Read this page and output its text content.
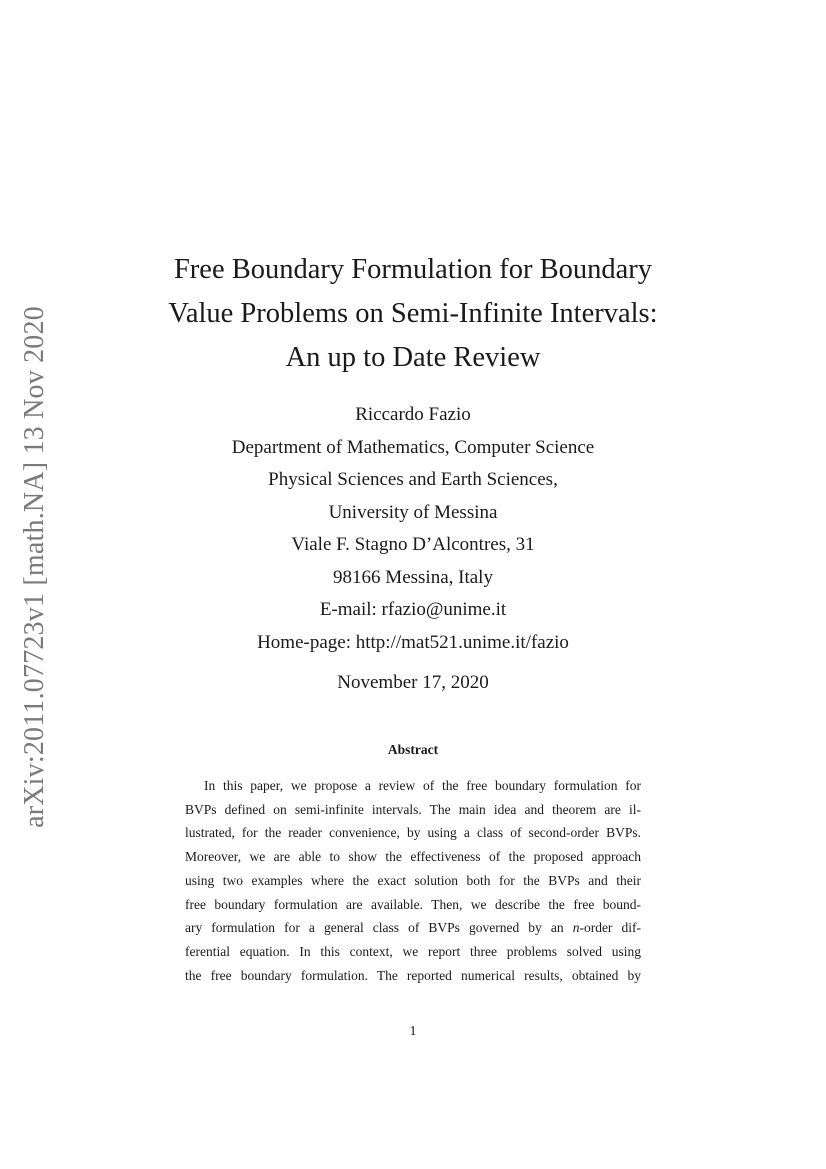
arXiv:2011.07723v1 [math.NA] 13 Nov 2020
Free Boundary Formulation for Boundary
Value Problems on Semi-Infinite Intervals:
An up to Date Review
Riccardo Fazio
Department of Mathematics, Computer Science
Physical Sciences and Earth Sciences,
University of Messina
Viale F. Stagno D’Alcontres, 31
98166 Messina, Italy
E-mail: rfazio@unime.it
Home-page: http://mat521.unime.it/fazio
November 17, 2020
Abstract
In this paper, we propose a review of the free boundary formulation for
BVPs defined on semi-infinite intervals. The main idea and theorem are il-
lustrated, for the reader convenience, by using a class of second-order BVPs.
Moreover, we are able to show the effectiveness of the proposed approach
using two examples where the exact solution both for the BVPs and their
free boundary formulation are available. Then, we describe the free bound-
ary formulation for a general class of BVPs governed by an n-order dif-
ferential equation. In this context, we report three problems solved using
the free boundary formulation. The reported numerical results, obtained by
1
